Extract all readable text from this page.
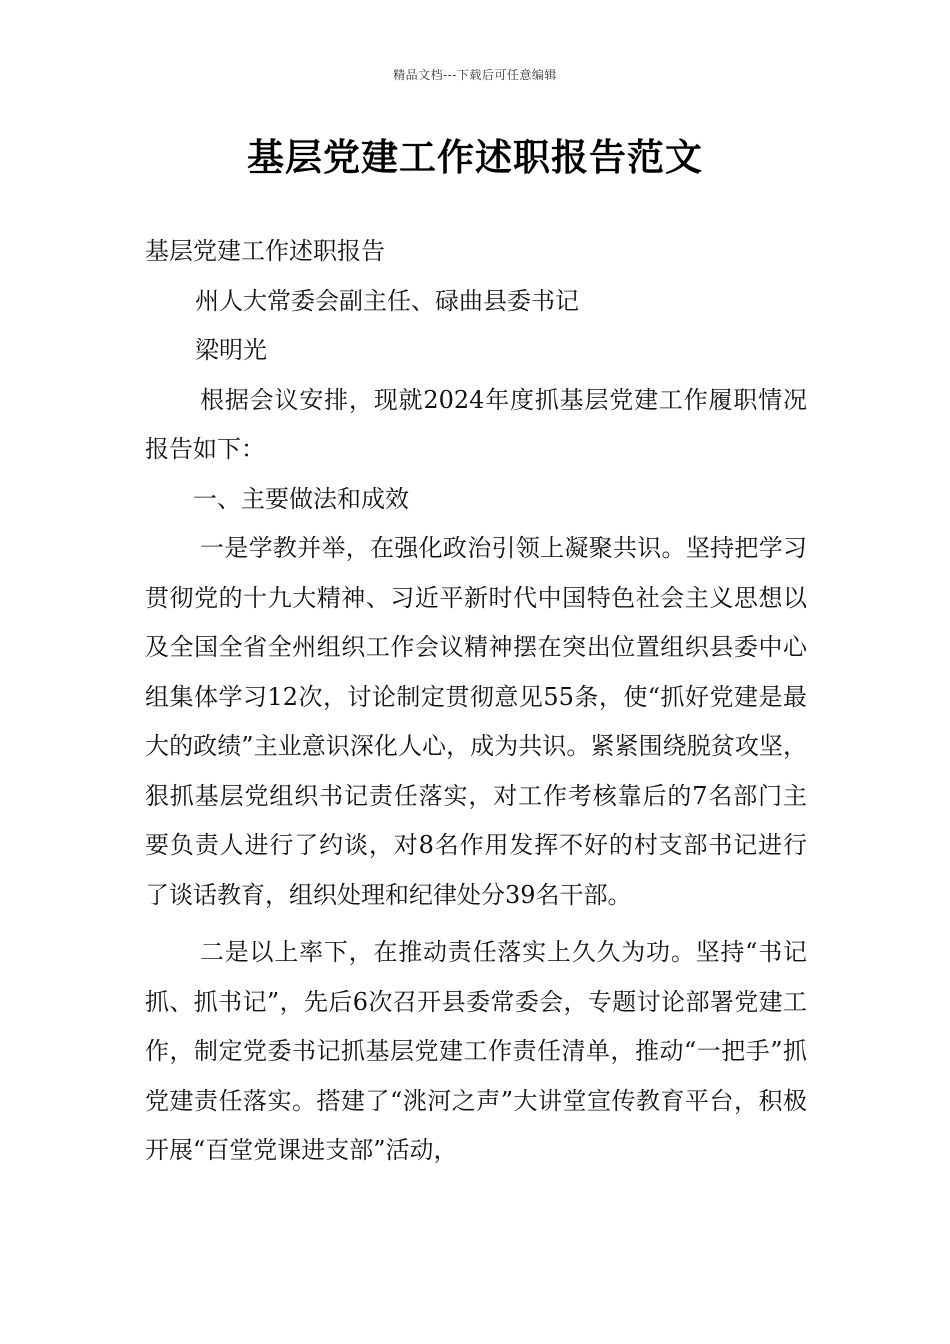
精品文档---下载后可任意编辑
基层党建工作述职报告范文

基层党建工作述职报告

州人大常委会副主任、碌曲县委书记

梁明光

根据会议安排，现就2024年度抓基层党建工作履职情况报告如下：

一、主要做法和成效

一是学教并举，在强化政治引领上凝聚共识。坚持把学习贯彻党的十九大精神、习近平新时代中国特色社会主义思想以及全国全省全州组织工作会议精神摆在突出位置组织县委中心组集体学习12次，讨论制定贯彻意见55条，使“抓好党建是最大的政绩”主业意识深化人心，成为共识。紧紧围绕脱贫攻坚，狠抓基层党组织书记责任落实，对工作考核靠后的7名部门主要负责人进行了约谈，对8名作用发挥不好的村支部书记进行了谈话教育，组织处理和纪律处分39名干部。

二是以上率下，在推动责任落实上久久为功。坚持“书记抓、抓书记”，先后6次召开县委常委会，专题讨论部署党建工作，制定党委书记抓基层党建工作责任清单，推动“一把手”抓党建责任落实。搭建了“洮河之声”大讲堂宣传教育平台，积极开展“百堂党课进支部”活动，
